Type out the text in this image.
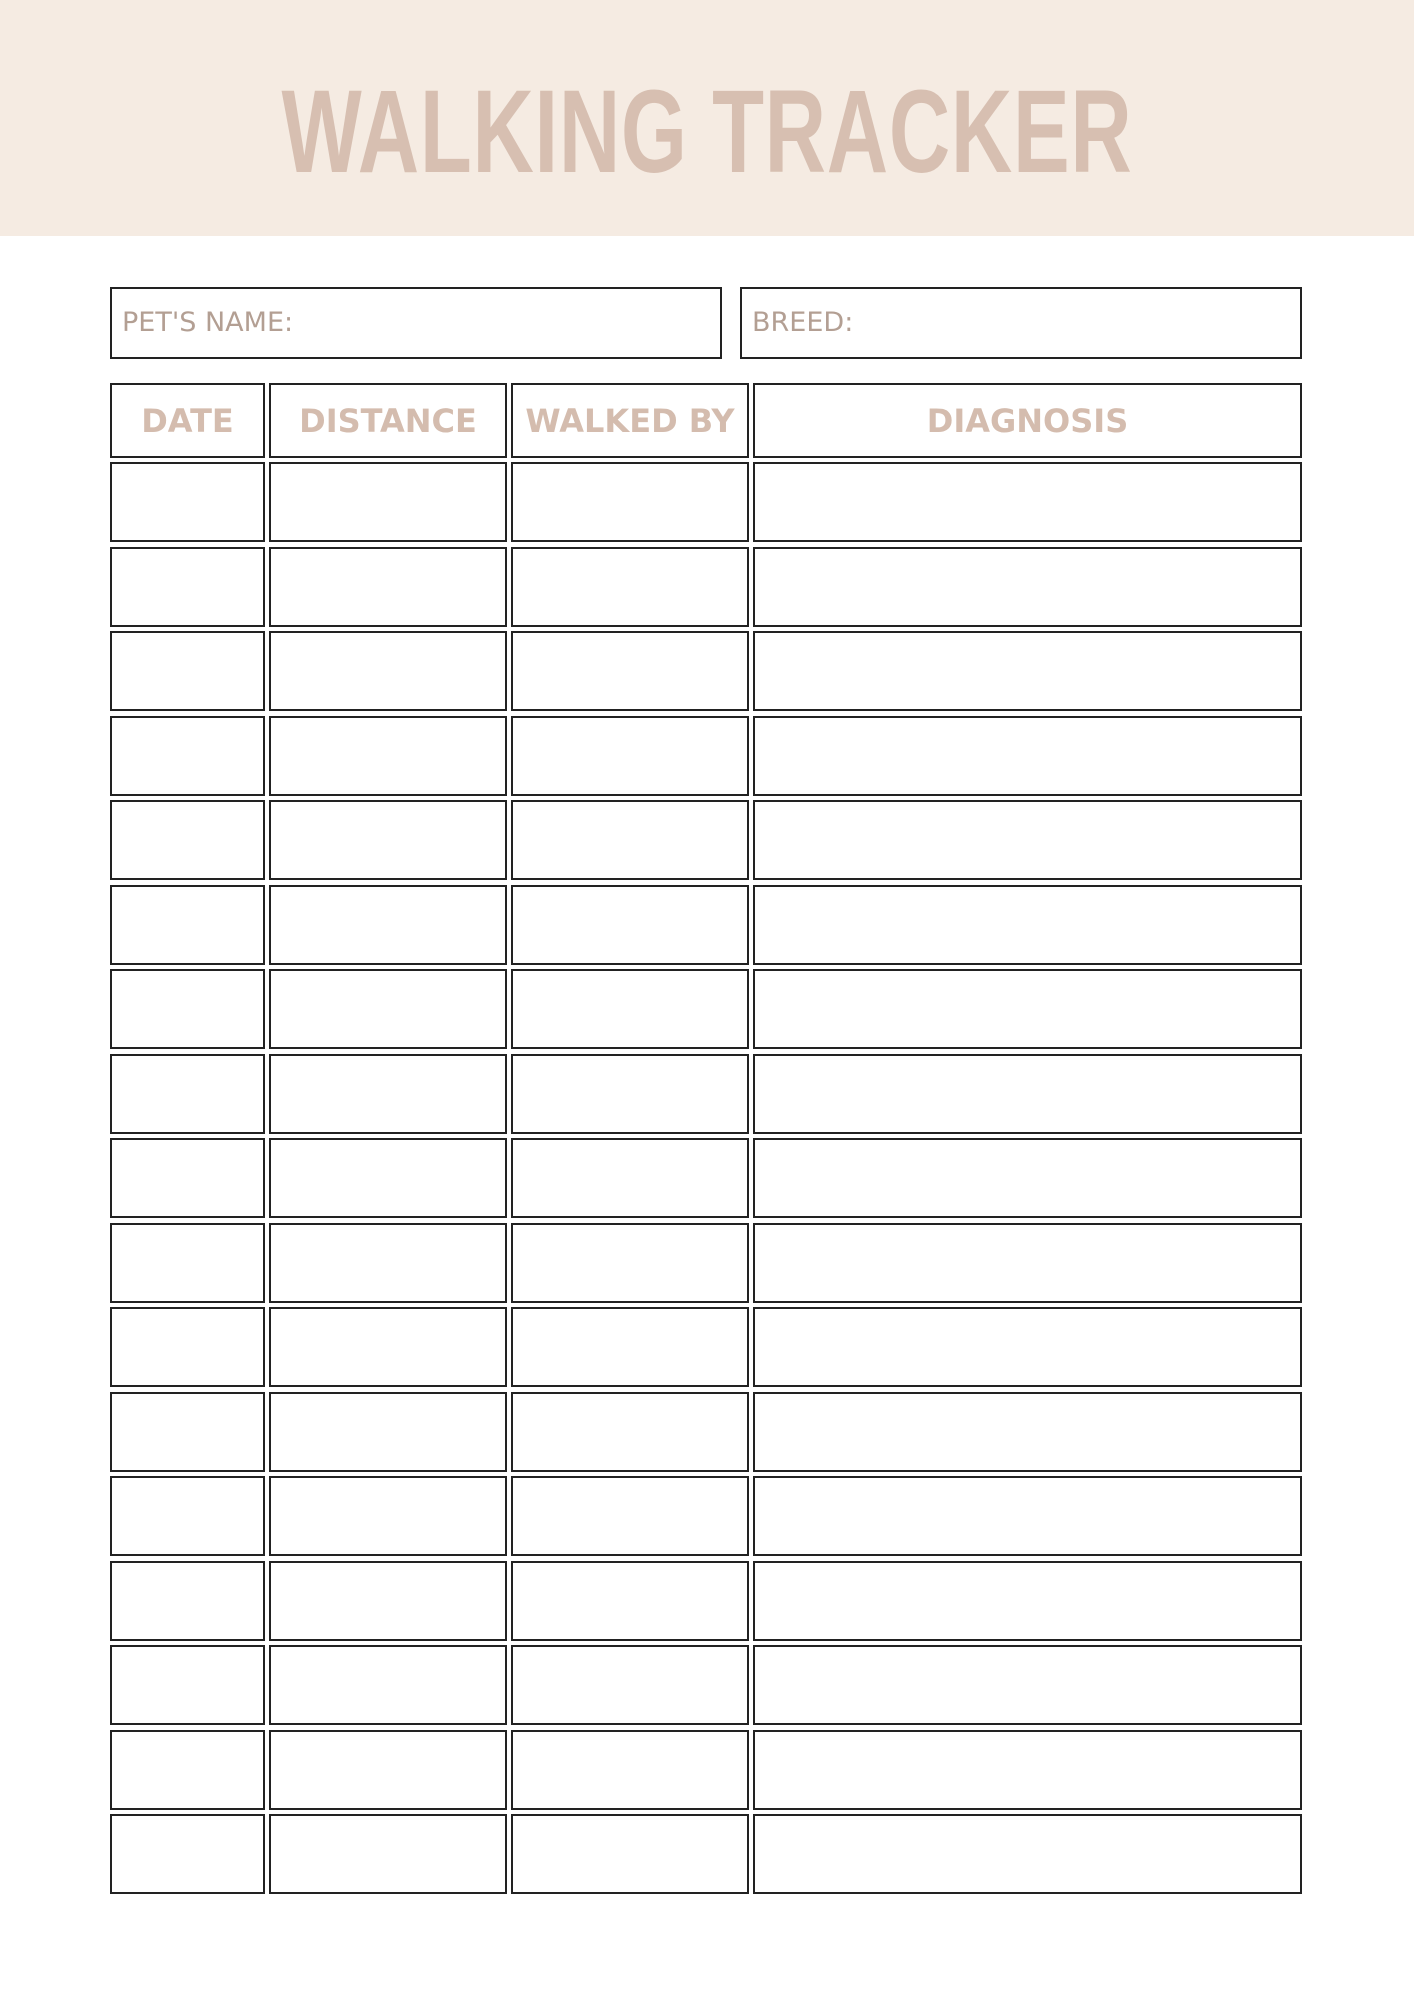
WALKING TRACKER
PET'S NAME:	BREED:
DATE	DISTANCE	WALKED BY	DIAGNOSIS
